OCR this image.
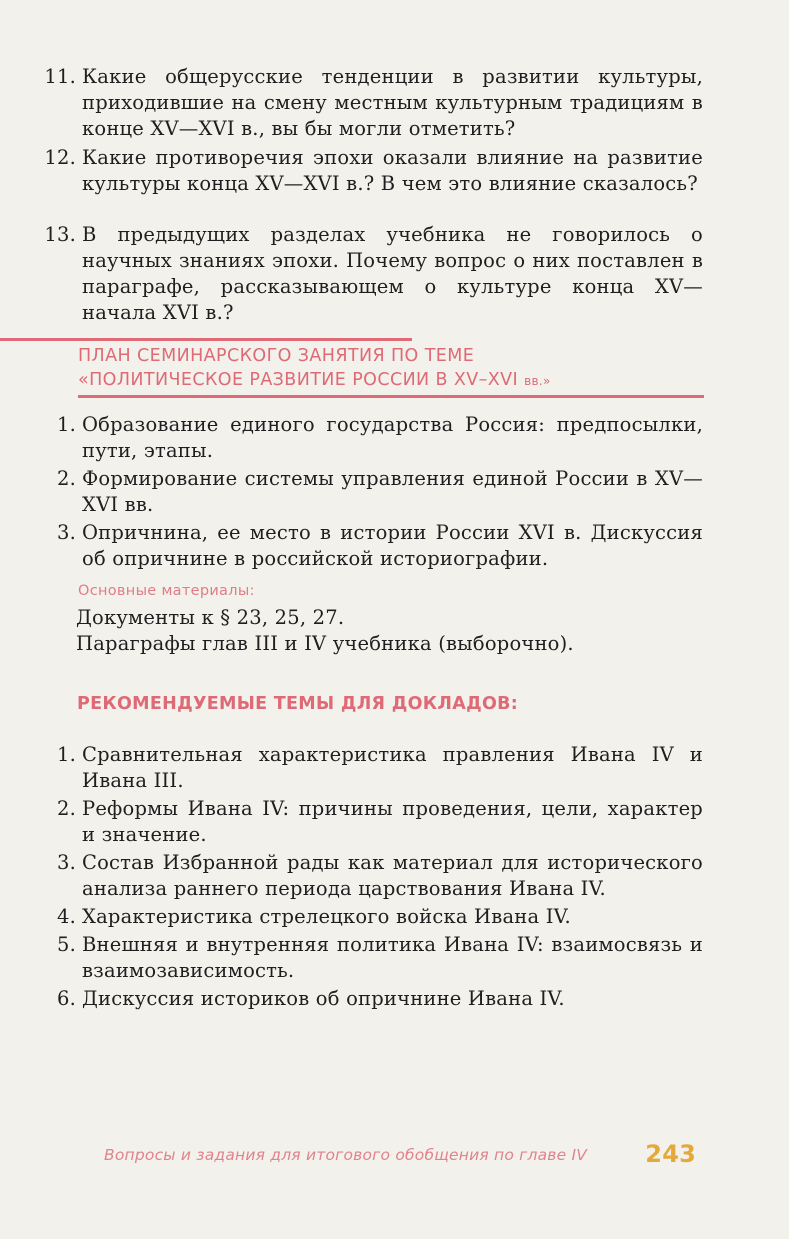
11. Какие общерусские тенденции в развитии культуры, приходившие на смену местным культурным традициям в конце XV—XVI в., вы бы могли отметить?
12. Какие противоречия эпохи оказали влияние на развитие культуры конца XV—XVI в.? В чем это влияние сказалось?
13. В предыдущих разделах учебника не говорилось о научных знаниях эпохи. Почему вопрос о них поставлен в параграфе, рассказывающем о культуре конца XV— начала XVI в.?
ПЛАН СЕМИНАРСКОГО ЗАНЯТИЯ ПО ТЕМЕ
«ПОЛИТИЧЕСКОЕ РАЗВИТИЕ РОССИИ В XV–XVI вв.»
1. Образование единого государства Россия: предпосылки, пути, этапы.
2. Формирование системы управления единой России в XV—XVI вв.
3. Опричнина, ее место в истории России XVI в. Дискуссия об опричнине в российской историографии.
Основные материалы:
Документы к § 23, 25, 27.
Параграфы глав III и IV учебника (выборочно).
РЕКОМЕНДУЕМЫЕ ТЕМЫ ДЛЯ ДОКЛАДОВ:
1. Сравнительная характеристика правления Ивана IV и Ивана III.
2. Реформы Ивана IV: причины проведения, цели, характер и значение.
3. Состав Избранной рады как материал для исторического анализа раннего периода царствования Ивана IV.
4. Характеристика стрелецкого войска Ивана IV.
5. Внешняя и внутренняя политика Ивана IV: взаимосвязь и взаимозависимость.
6. Дискуссия историков об опричнине Ивана IV.
Вопросы и задания для итогового обобщения по главе IV 243
